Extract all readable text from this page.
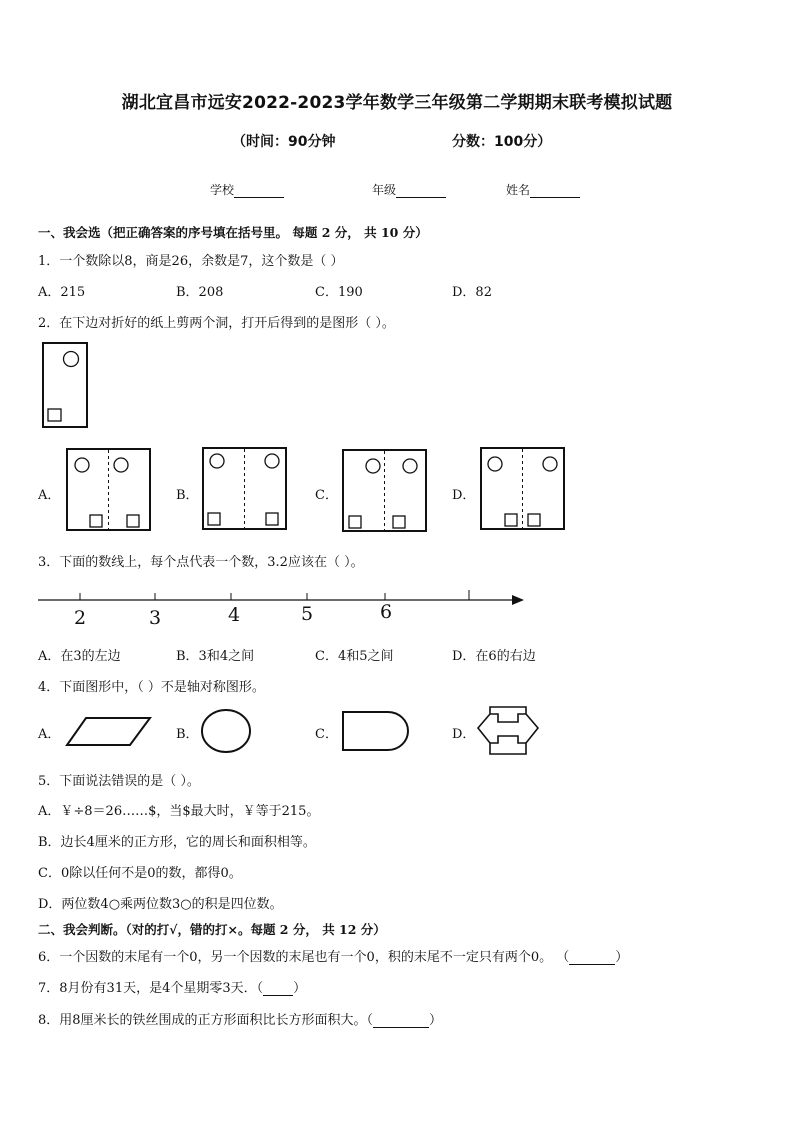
湖北宜昌市远安2022-2023学年数学三年级第二学期期末联考模拟试题
（时间：90分钟	分数：100分）
学校	年级	姓名
一、我会选（把正确答案的序号填在括号里。 每题 2 分， 共 10 分）
1．一个数除以8，商是26，余数是7，这个数是（ ）
A．215	B．208	C．190	D．82
2．在下边对折好的纸上剪两个洞，打开后得到的是图形（ ）。
A．	B．	C．	D．
3．下面的数线上，每个点代表一个数，3.2应该在（ ）。
2	3	4	5	6
A．在3的左边	B．3和4之间	C．4和5之间	D．在6的右边
4．下面图形中，（ ）不是轴对称图形。
A．	B．	C．	D．
5．下面说法错误的是（ ）。
A．￥÷8＝26……$，当$最大时，￥等于215。
B．边长4厘米的正方形，它的周长和面积相等。
C．0除以任何不是0的数，都得0。
D．两位数4○乘两位数3○的积是四位数。
二、我会判断。（对的打√，错的打×。每题 2 分， 共 12 分）
6．一个因数的末尾有一个0，另一个因数的末尾也有一个0，积的末尾不一定只有两个0。 （	）
7．8月份有31天，是4个星期零3天．（ ）
8．用8厘米长的铁丝围成的正方形面积比长方形面积大。（	）
